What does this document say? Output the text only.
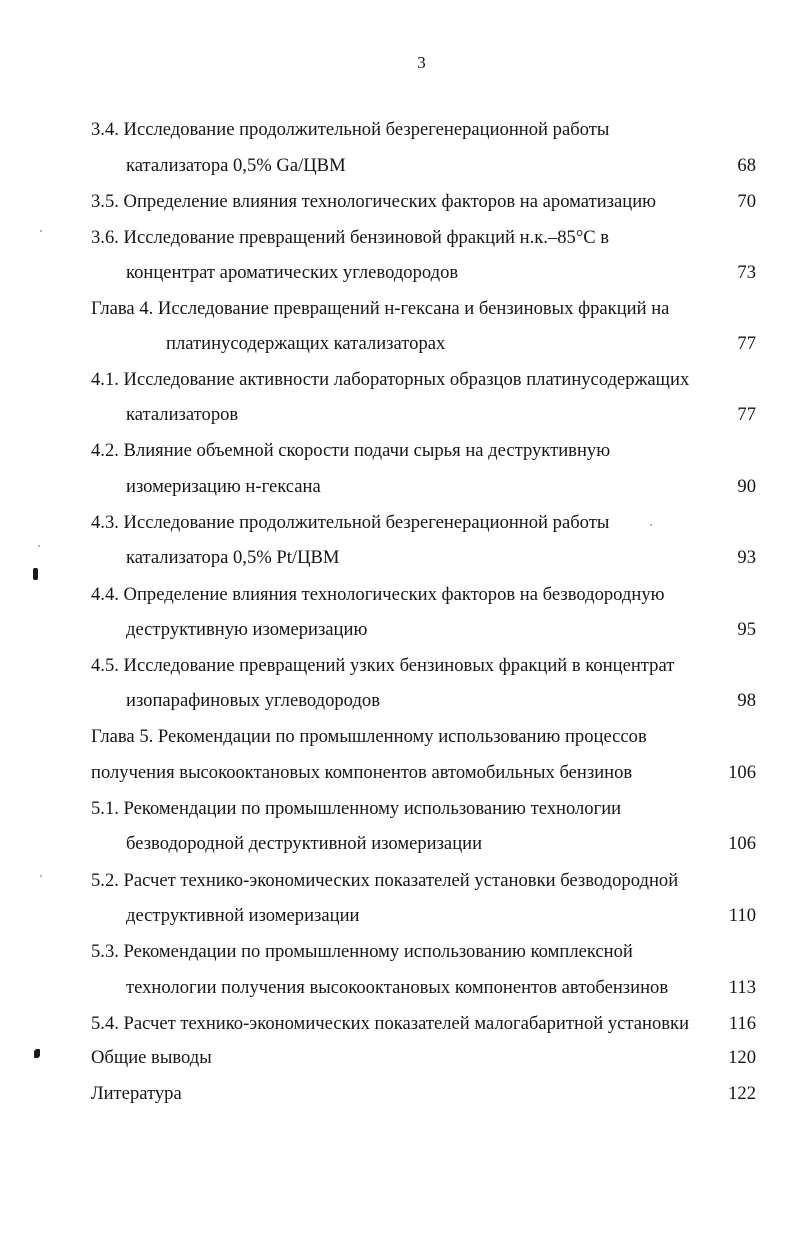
3
3.4. Исследование продолжительной безрегенерационной работы
катализатора 0,5% Ga/ЦВМ	68
3.5. Определение влияния технологических факторов на ароматизацию	70
3.6. Исследование превращений бензиновой фракций н.к.–85°С в
концентрат ароматических углеводородов	73
Глава 4. Исследование превращений н-гексана и бензиновых фракций на
платинусодержащих катализаторах	77
4.1. Исследование активности лабораторных образцов платинусодержащих
катализаторов	77
4.2. Влияние объемной скорости подачи сырья на деструктивную
изомеризацию н-гексана	90
4.3. Исследование продолжительной безрегенерационной работы
катализатора 0,5% Pt/ЦВМ	93
4.4. Определение влияния технологических факторов на безводородную
деструктивную изомеризацию	95
4.5. Исследование превращений узких бензиновых фракций в концентрат
изопарафиновых углеводородов	98
Глава 5. Рекомендации по промышленному использованию процессов
получения высокооктановых компонентов автомобильных бензинов	106
5.1. Рекомендации по промышленному использованию технологии
безводородной деструктивной изомеризации	106
5.2. Расчет технико-экономических показателей установки безводородной
деструктивной изомеризации	110
5.3. Рекомендации по промышленному использованию комплексной
технологии получения высокооктановых компонентов автобензинов	113
5.4. Расчет технико-экономических показателей малогабаритной установки 116
Общие выводы	120
Литература	122
